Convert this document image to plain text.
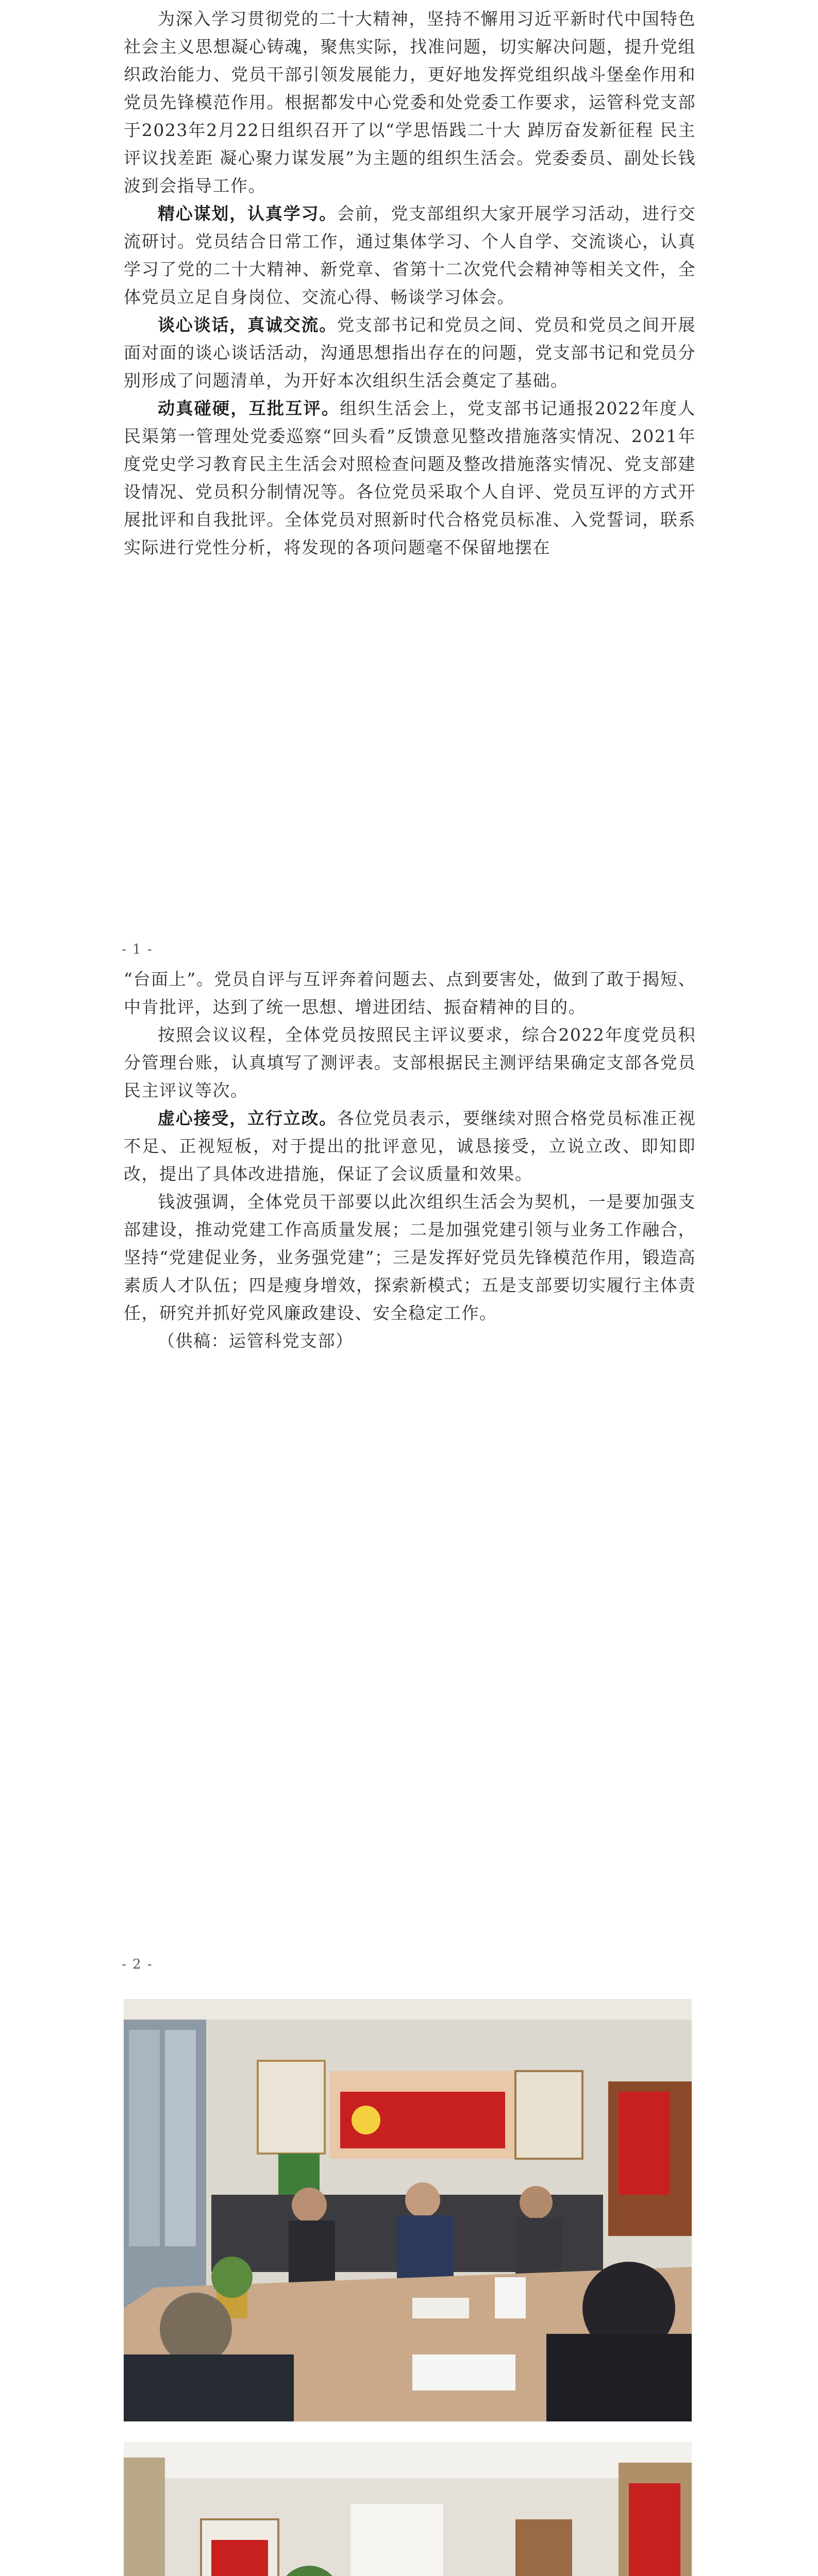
为深入学习贯彻党的二十大精神，坚持不懈用习近平新时代中国特色社会主义思想凝心铸魂，聚焦实际，找准问题，切实解决问题，提升党组织政治能力、党员干部引领发展能力，更好地发挥党组织战斗堡垒作用和党员先锋模范作用。根据都发中心党委和处党委工作要求，运管科党支部于2023年2月22日组织召开了以“学思悟践二十大 踔厉奋发新征程 民主评议找差距 凝心聚力谋发展”为主题的组织生活会。党委委员、副处长钱波到会指导工作。

精心谋划，认真学习。会前，党支部组织大家开展学习活动，进行交流研讨。党员结合日常工作，通过集体学习、个人自学、交流谈心，认真学习了党的二十大精神、新党章、省第十二次党代会精神等相关文件，全体党员立足自身岗位、交流心得、畅谈学习体会。

谈心谈话，真诚交流。党支部书记和党员之间、党员和党员之间开展面对面的谈心谈话活动，沟通思想指出存在的问题，党支部书记和党员分别形成了问题清单，为开好本次组织生活会奠定了基础。

动真碰硬，互批互评。组织生活会上，党支部书记通报2022年度人民渠第一管理处党委巡察“回头看”反馈意见整改措施落实情况、2021年度党史学习教育民主生活会对照检查问题及整改措施落实情况、党支部建设情况、党员积分制情况等。各位党员采取个人自评、党员互评的方式开展批评和自我批评。全体党员对照新时代合格党员标准、入党誓词，联系实际进行党性分析，将发现的各项问题毫不保留地摆在

- 1 -

“台面上”。党员自评与互评奔着问题去、点到要害处，做到了敢于揭短、中肯批评，达到了统一思想、增进团结、振奋精神的目的。

按照会议议程，全体党员按照民主评议要求，综合2022年度党员积分管理台账，认真填写了测评表。支部根据民主测评结果确定支部各党员民主评议等次。

虚心接受，立行立改。各位党员表示，要继续对照合格党员标准正视不足、正视短板，对于提出的批评意见，诚恳接受，立说立改、即知即改，提出了具体改进措施，保证了会议质量和效果。

钱波强调，全体党员干部要以此次组织生活会为契机，一是要加强支部建设，推动党建工作高质量发展；二是加强党建引领与业务工作融合，坚持“党建促业务，业务强党建”；三是发挥好党员先锋模范作用，锻造高素质人才队伍；四是瘦身增效，探索新模式；五是支部要切实履行主体责任，研究并抓好党风廉政建设、安全稳定工作。

（供稿：运管科党支部）

- 2 -
